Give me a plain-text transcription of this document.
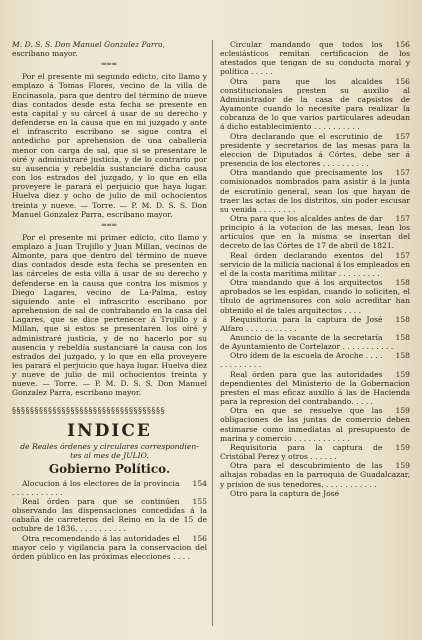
M. D. S. S. Don Manuel Gonzalez Parra,

escribano mayor.

═══

Por el presente mi segundo edicto, cito llamo y emplazo á Tomas Flores, vecino de la villa de Encinasola, para que dentro del término de nueve dias contados desde esta fecha se presente en esta capital y su cárcel á usar de su derecho y defenderse en la causa que en mi juzgado y ante el infrascrito escribano se sigue contra el antedicho por aprehension de una caballería menor con carga de sal, que si se presentare le oiré y administraré justicia, y de lo contrario por su ausencia y rebeldía sustanciaré dicha causa con los estrados del juzgado, y lo que en ella proveyere le parará el perjuicio que haya lugar. Huelva diez y ocho de julio de mil ochocientos treinta y nueve. — Torre. — P. M. D. S. S. Don Manuel Gonzalez Parra, escribano mayor.

═══

Por el presente mi primer edicto, cito llamo y emplazo á Juan Trujillo y Juan Millan, vecinos de Almonte, para que dentro del término de nueve dias contados desde esta fecha se presenten en las cárceles de esta villa á usar de su derecho y defenderse en la causa que contra los mismos y Diego Lagares, vecino de La-Palma, estoy siguiendo ante el infrascrito escribano por aprehension de sal de contrabando en la casa del Lagares, que se dice pertenecer á Trujillo y á Millan, que si estos se presentaren los oiré y administraré justicia, y de no hacerlo por su ausencia y rebeldía sustanciaré la causa con los estrados del juzgado, y lo que en ella proveyere les parará el perjuicio que haya lugar. Huelva diez y nueve de julio de mil ochocientos treinta y nueve. — Torre. — P. M. D. S. S. Don Manuel Gonzalez Parra, escribano mayor.

§§§§§§§§§§§§§§§§§§§§§§§§§§§§§§§§§§
INDICE
de Reales órdenes y circulares correspondien-
tes al mes de JULIO.
Gobierno Político.

154
Alocucion á los electores de la provincia . . . . . . . . . . .

155
Real órden para que se continúen observando las dispensaciones concedidas á la cabaña de carreteros del Reino en la de 15 de octubre de 1836. . . . . . . . . . .

156
Otra recomendando á las autoridades el mayor celo y vigilancia para la conservacion del órden público en las próximas elecciones . . . .

156
Circular mandando que todos los eclesiásticos remitan certificacion de los atestados que tengan de su conducta moral y política . . . . .

156
Otra para que los alcaldes constitucionales presten su auxilio al Administrador de la casa de capsistos de Ayamonte cuando lo necesite para realizar la cobranza de lo que varios particulares adeudan á dicho establecimiento . . . . . . . . . .

157
Otra declarando que el escrutinio de presidente y secretarios de las mesas para la eleccion de Diputados á Córtes, debe ser á presencia de los electores . . . . . . . . . .

157
Otra mandando que precisamente los comisionados nombrados para asistir á la junta de escrutinio general, sean los que hayan de traer las actas de los distritos, sin poder escusar su venida . . . . . . . .

157
Otra para que los alcaldes antes de dar principio á la votacion de las mesas, lean los artículos que en la misma se insertan del decreto de las Córtes de 17 de abril de 1821.

157
Real órden declarando exentos del servicio de la milicia nacional á los empleados en el de la costa marítima militar . . . . . . . . .

158
Otra mandando que á los arquitectos aprobados se les espidan, cuando lo soliciten, el título de agrimensores con solo acreditar han obtenido el de tales arquitectos . . . .

158
Requisitoria para la captura de José Alfaro . . . . . . . . . . .

158
Anuncio de la vacante de la secretaría de Ayuntamiento de Cortelazor . . . . . . . . . . .

158
Otro ídem de la escuela de Aroche . . . . . . . . . . . . .

159
Real órden para que las autoridades dependientes del Ministerio de la Gobernacion presten el mas eficaz auxilio á las de Hacienda para la represion del contrabando. . . . .

159
Otra en que se resuelve que las obligaciones de las juntas de comercio deben estimarse como inmediatas al presupuesto de marina y comercio . . . . . . . . . . . .

159
Requisitoria para la captura de Cristóbal Perez y otros . . . . . .

159
Otra para el descubrimiento de las alhajas robadas en la parroquia de Guadalcazar, y prision de sus tenedores. . . . . . . . . . . .

Otro para la captura de José
